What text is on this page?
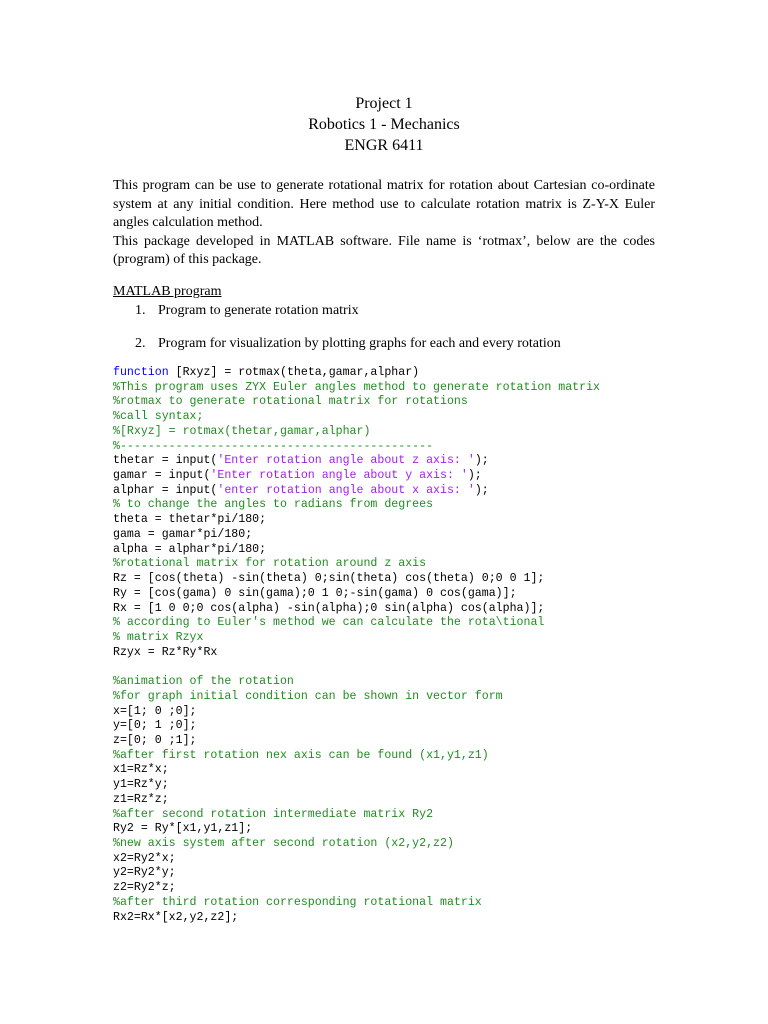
Project 1
Robotics 1 - Mechanics
ENGR 6411

This program can be use to generate rotational matrix for rotation about Cartesian co-ordinate system at any initial condition. Here method use to calculate rotation matrix is Z-Y-X Euler angles calculation method.

This package developed in MATLAB software. File name is ‘rotmax’, below are the codes (program) of this package.

MATLAB program
1. Program to generate rotation matrix
2. Program for visualization by plotting graphs for each and every rotation
function [Rxyz] = rotmax(theta,gamar,alphar)
%This program uses ZYX Euler angles method to generate rotation matrix
%rotmax to generate rotational matrix for rotations
%call syntax;
%[Rxyz] = rotmax(thetar,gamar,alphar)
%---------------------------------------------
thetar = input('Enter rotation angle about z axis: ');
gamar = input('Enter rotation angle about y axis: ');
alphar = input('enter rotation angle about x axis: ');
% to change the angles to radians from degrees
theta = thetar*pi/180;
gama = gamar*pi/180;
alpha = alphar*pi/180;
%rotational matrix for rotation around z axis
Rz = [cos(theta) -sin(theta) 0;sin(theta) cos(theta) 0;0 0 1];
Ry = [cos(gama) 0 sin(gama);0 1 0;-sin(gama) 0 cos(gama)];
Rx = [1 0 0;0 cos(alpha) -sin(alpha);0 sin(alpha) cos(alpha)];
% according to Euler's method we can calculate the rota\tional
% matrix Rzyx
Rzyx = Rz*Ry*Rx
%animation of the rotation
%for graph initial condition can be shown in vector form
x=[1; 0 ;0];
y=[0; 1 ;0];
z=[0; 0 ;1];
%after first rotation nex axis can be found (x1,y1,z1)
x1=Rz*x;
y1=Rz*y;
z1=Rz*z;
%after second rotation intermediate matrix Ry2
Ry2 = Ry*[x1,y1,z1];
%new axis system after second rotation (x2,y2,z2)
x2=Ry2*x;
y2=Ry2*y;
z2=Ry2*z;
%after third rotation corresponding rotational matrix
Rx2=Rx*[x2,y2,z2];
